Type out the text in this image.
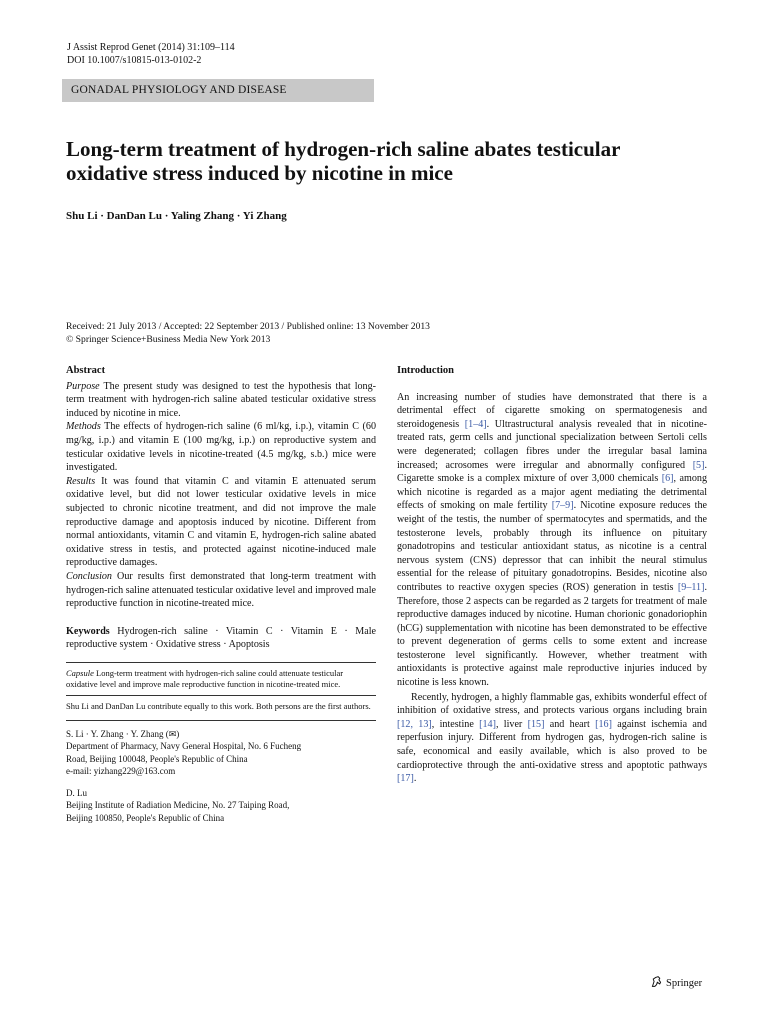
J Assist Reprod Genet (2014) 31:109–114
DOI 10.1007/s10815-013-0102-2
GONADAL PHYSIOLOGY AND DISEASE
Long-term treatment of hydrogen-rich saline abates testicular oxidative stress induced by nicotine in mice
Shu Li · DanDan Lu · Yaling Zhang · Yi Zhang
Received: 21 July 2013 / Accepted: 22 September 2013 / Published online: 13 November 2013
© Springer Science+Business Media New York 2013
Abstract

Purpose The present study was designed to test the hypothesis that long-term treatment with hydrogen-rich saline abated testicular oxidative stress induced by nicotine in mice.

Methods The effects of hydrogen-rich saline (6 ml/kg, i.p.), vitamin C (60 mg/kg, i.p.) and vitamin E (100 mg/kg, i.p.) on reproductive system and testicular oxidative levels in nicotine-treated (4.5 mg/kg, s.b.) mice were investigated.

Results It was found that vitamin C and vitamin E attenuated serum oxidative level, but did not lower testicular oxidative levels in mice subjected to chronic nicotine treatment, and did not improve the male reproductive damage and apoptosis induced by nicotine. Different from normal antioxidants, vitamin C and vitamin E, hydrogen-rich saline abated oxidative stress in testis, and protected against nicotine-induced male reproductive damages.

Conclusion Our results first demonstrated that long-term treatment with hydrogen-rich saline attenuated testicular oxidative level and improved male reproductive function in nicotine-treated mice.

Keywords Hydrogen-rich saline · Vitamin C · Vitamin E · Male reproductive system · Oxidative stress · Apoptosis

Capsule Long-term treatment with hydrogen-rich saline could attenuate testicular oxidative level and improve male reproductive function in nicotine-treated mice.
Shu Li and DanDan Lu contribute equally to this work. Both persons are the first authors.

S. Li · Y. Zhang · Y. Zhang (✉)

Department of Pharmacy, Navy General Hospital, No. 6 Fucheng

Road, Beijing 100048, People's Republic of China

e-mail: yizhang229@163.com

D. Lu

Beijing Institute of Radiation Medicine, No. 27 Taiping Road,

Beijing 100850, People's Republic of China

Introduction

An increasing number of studies have demonstrated that there is a detrimental effect of cigarette smoking on spermatogenesis and steroidogenesis [1–4]. Ultrastructural analysis revealed that in nicotine-treated rats, germ cells and junctional specialization between Sertoli cells were degenerated; collagen fibres under the irregular basal lamina increased; acrosomes were irregular and abnormally configured [5]. Cigarette smoke is a complex mixture of over 3,000 chemicals [6], among which nicotine is regarded as a major agent mediating the detrimental effects of smoking on male fertility [7–9]. Nicotine exposure reduces the weight of the testis, the number of spermatocytes and spermatids, and the testosterone levels, probably through its influence on pituitary gonadotropins and testicular antioxidant status, as nicotine is a central nervous system (CNS) depressor that can inhibit the neural stimulus essential for the release of pituitary gonadotropins. Besides, nicotine also contributes to reactive oxygen species (ROS) generation in testis [9–11]. Therefore, those 2 aspects can be regarded as 2 targets for treatment of male reproductive damages induced by nicotine. Human chorionic gonadoriophin (hCG) supplementation with nicotine has been demonstrated to be effective to prevent degeneration of germs cells to some extent and increase testosterone level significantly. However, whether treatment with antioxidants is protective against male reproductive injuries induced by nicotine is less known.

Recently, hydrogen, a highly flammable gas, exhibits wonderful effect of inhibition of oxidative stress, and protects various organs including brain [12, 13], intestine [14], liver [15] and heart [16] against ischemia and reperfusion injury. Different from hydrogen gas, hydrogen-rich saline is safe, economical and easily available, which is also proved to be cardioprotective through the anti-oxidative stress and apoptotic pathways [17].

Springer
